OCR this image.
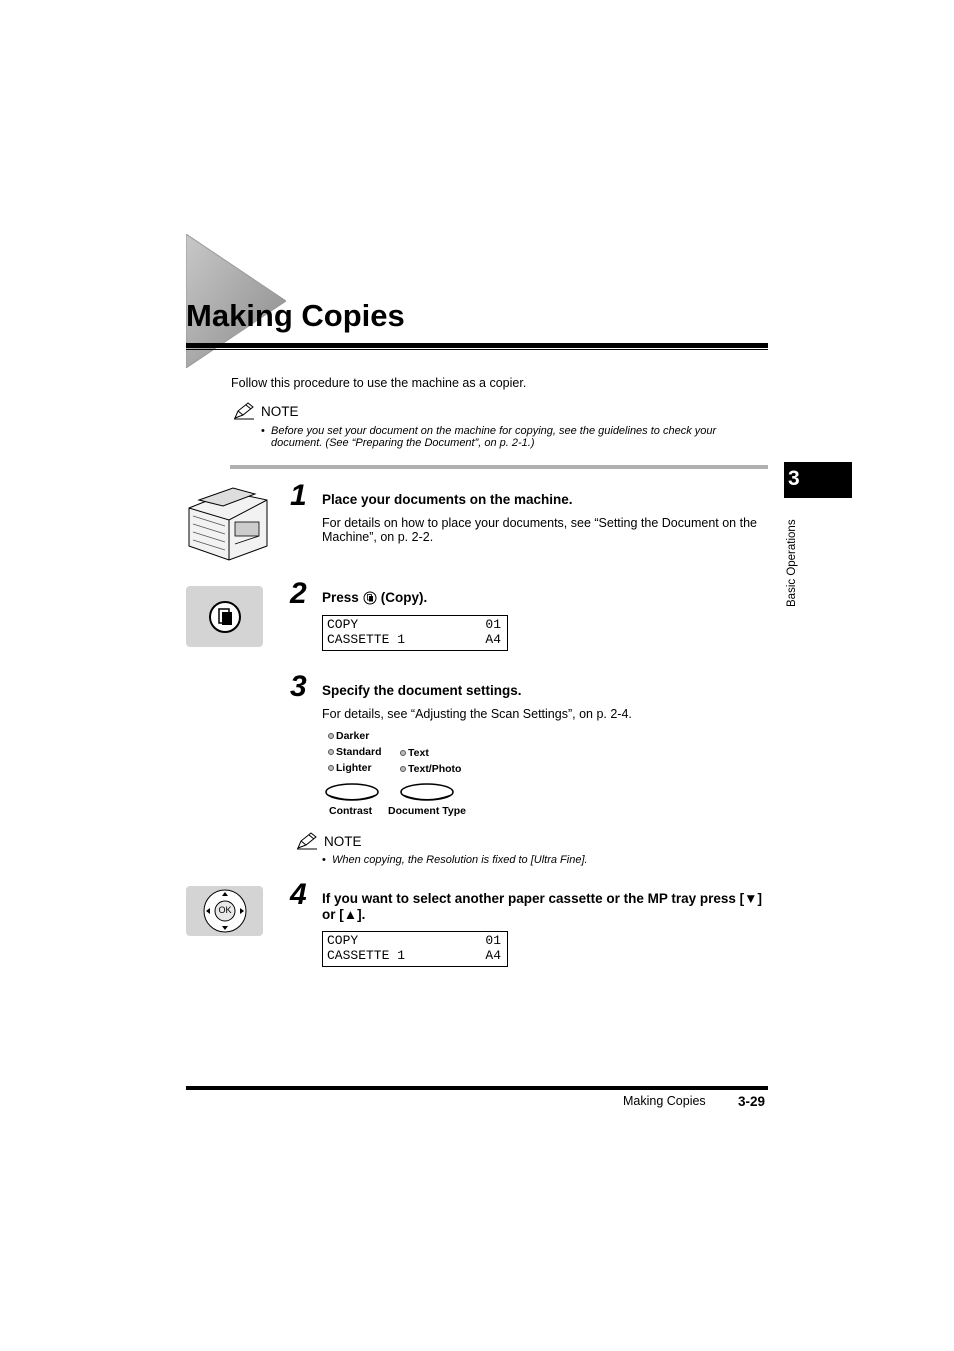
Making Copies
Follow this procedure to use the machine as a copier.
NOTE
• Before you set your document on the machine for copying, see the guidelines to check your document. (See “Preparing the Document”, on p. 2-1.)
3
Basic Operations
1 Place your documents on the machine.
For details on how to place your documents, see “Setting the Document on the Machine”, on p. 2-2.
2 Press (Copy).
COPY	01
CASSETTE 1	A4
3 Specify the document settings.
For details, see “Adjusting the Scan Settings”, on p. 2-4.
Darker
Standard
Lighter
Text
Text/Photo
Contrast Document Type
NOTE
• When copying, the Resolution is fixed to [Ultra Fine].
OK 4 If you want to select another paper cassette or the MP tray press [▼] or [▲].
COPY	01
CASSETTE 1	A4
Making Copies 3-29
